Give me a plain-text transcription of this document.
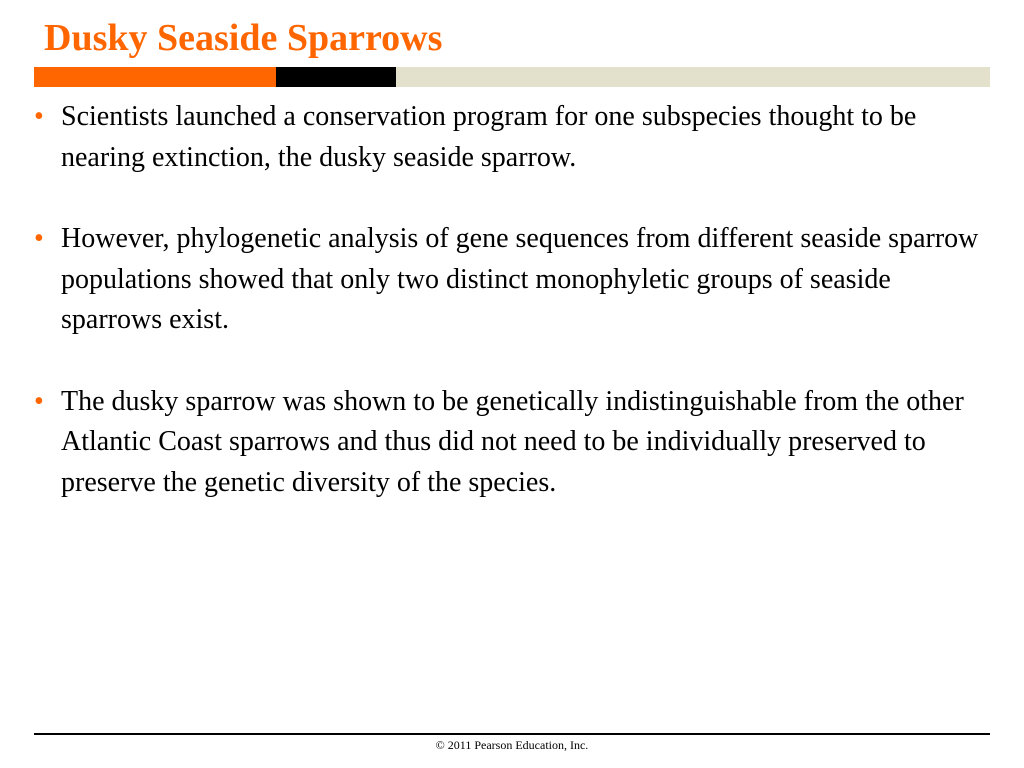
Dusky Seaside Sparrows
• Scientists launched a conservation program for one subspecies thought to be nearing extinction, the dusky seaside sparrow.
• However, phylogenetic analysis of gene sequences from different seaside sparrow populations showed that only two distinct monophyletic groups of seaside sparrows exist.
• The dusky sparrow was shown to be genetically indistinguishable from the other Atlantic Coast sparrows and thus did not need to be individually preserved to preserve the genetic diversity of the species.
© 2011 Pearson Education, Inc.
